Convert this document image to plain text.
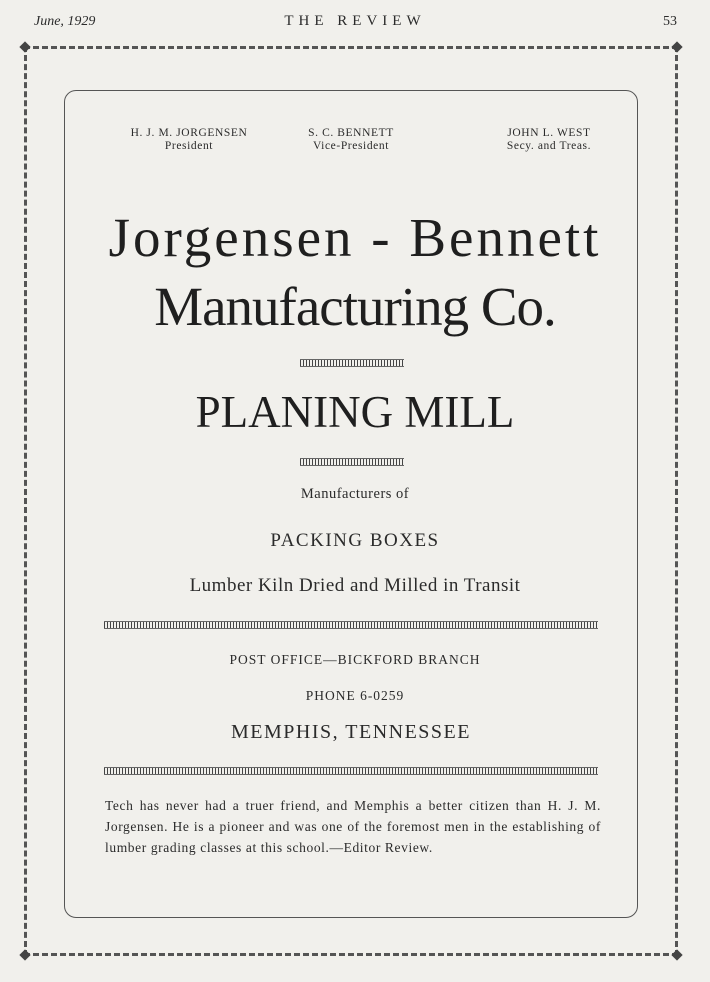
June, 1929	THE REVIEW	53
H. J. M. JORGENSEN
President
S. C. BENNETT
Vice-President
JOHN L. WEST
Secy. and Treas.
Jorgensen - Bennett
Manufacturing Co.
PLANING MILL
Manufacturers of
PACKING BOXES
Lumber Kiln Dried and Milled in Transit
POST OFFICE—BICKFORD BRANCH
PHONE 6-0259
MEMPHIS, TENNESSEE
Tech has never had a truer friend, and Memphis a better citizen than H. J. M. Jorgensen. He is a pioneer and was one of the foremost men in the establishing of lumber grading classes at this school.—Editor Review.
